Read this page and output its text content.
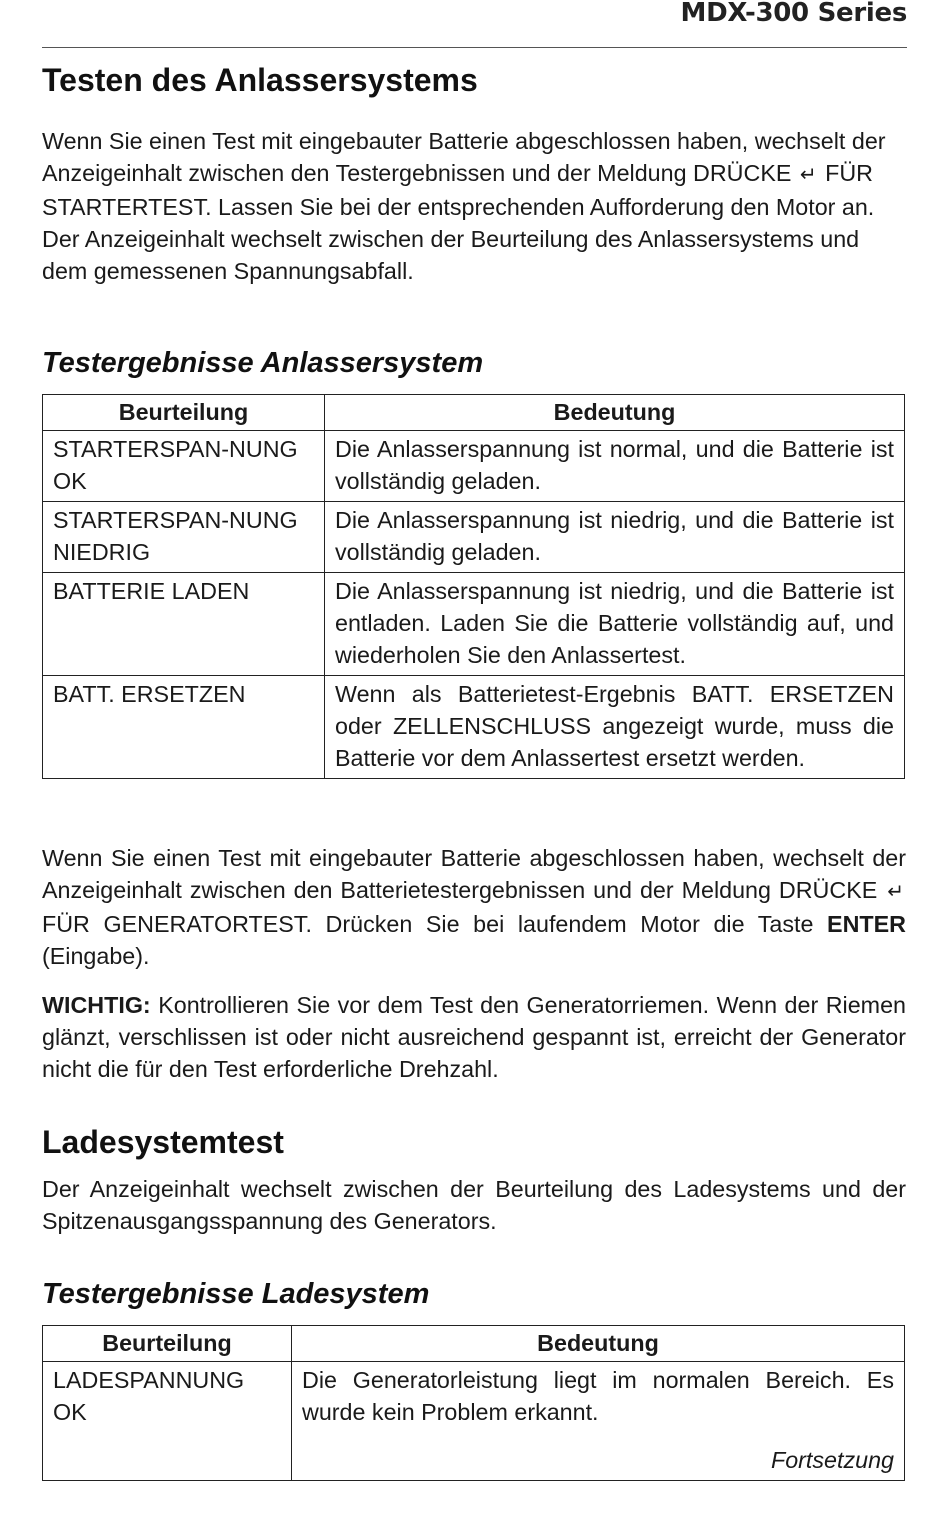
MDX-300 Series
Testen des Anlassersystems

Wenn Sie einen Test mit eingebauter Batterie abgeschlossen haben, wechselt der Anzeigeinhalt zwischen den Testergebnissen und der Meldung DRÜCKE ↵ FÜR STARTERTEST. Lassen Sie bei der entsprechenden Aufforderung den Motor an. Der Anzeigeinhalt wechselt zwischen der Beurteilung des Anlassersystems und dem gemessenen Spannungsabfall.

Testergebnisse Anlassersystem
Beurteilung	Bedeutung
STARTERSPAN-NUNG OK	Die Anlasserspannung ist normal, und die Batterie ist vollständig geladen.
STARTERSPAN-NUNG NIEDRIG	Die Anlasserspannung ist niedrig, und die Batterie ist vollständig geladen.
BATTERIE LADEN	Die Anlasserspannung ist niedrig, und die Batterie ist entladen. Laden Sie die Batterie vollständig auf, und wiederholen Sie den Anlassertest.
BATT. ERSETZEN	Wenn als Batterietest-Ergebnis BATT. ERSETZEN oder ZELLENSCHLUSS angezeigt wurde, muss die Batterie vor dem Anlassertest ersetzt werden.

Wenn Sie einen Test mit eingebauter Batterie abgeschlossen haben, wechselt der Anzeigeinhalt zwischen den Batterietestergebnissen und der Meldung DRÜCKE ↵ FÜR GENERATORTEST. Drücken Sie bei laufendem Motor die Taste ENTER (Eingabe).

WICHTIG: Kontrollieren Sie vor dem Test den Generatorriemen. Wenn der Riemen glänzt, verschlissen ist oder nicht ausreichend gespannt ist, erreicht der Generator nicht die für den Test erforderliche Drehzahl.

Ladesystemtest

Der Anzeigeinhalt wechselt zwischen der Beurteilung des Ladesystems und der Spitzenausgangsspannung des Generators.

Testergebnisse Ladesystem
Beurteilung	Bedeutung
LADESPANNUNG OK	Die Generatorleistung liegt im normalen Bereich. Es wurde kein Problem erkannt.
Fortsetzung
